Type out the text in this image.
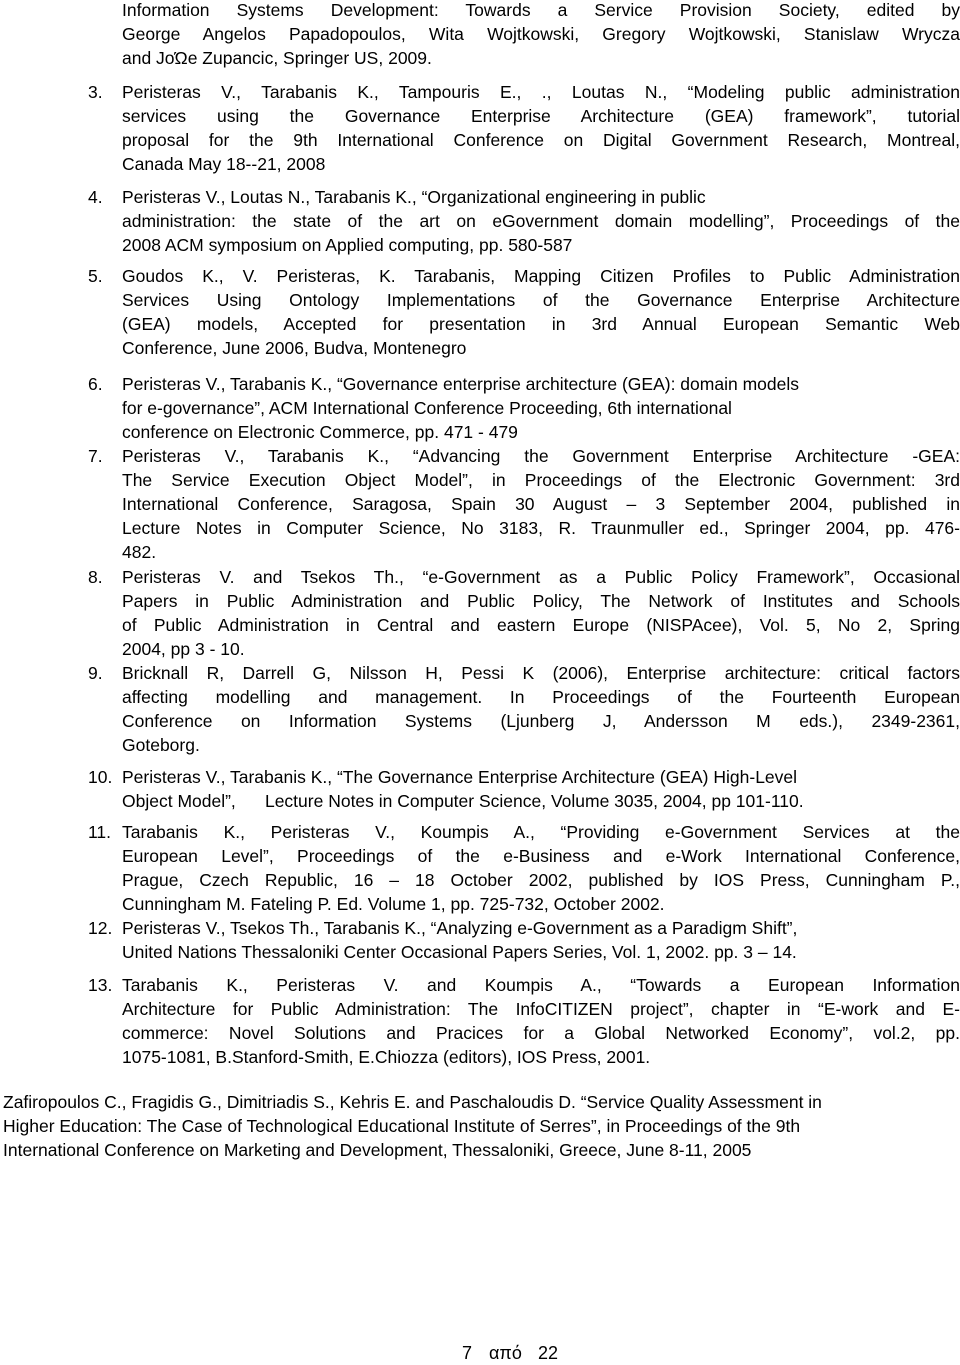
Information Systems Development: Towards a Service Provision Society, edited by
George Angelos Papadopoulos, Wita Wojtkowski, Gregory Wojtkowski, Stanislaw Wrycza
and JoΏe Zupancic, Springer US, 2009.
3. Peristeras V., Tarabanis K., Tampouris E., ., Loutas N., “Modeling public administration
services using the Governance Enterprise Architecture (GEA) framework”, tutorial
proposal for the 9th International Conference on Digital Government Research, Montreal,
Canada May 18--21, 2008
4. Peristeras V., Loutas N., Tarabanis K., “Organizational engineering in public
administration: the state of the art on eGovernment domain modelling”, Proceedings of the
2008 ACM symposium on Applied computing, pp. 580-587
5. Goudos K., V. Peristeras, K. Tarabanis, Mapping Citizen Profiles to Public Administration
Services Using Ontology Implementations of the Governance Enterprise Architecture
(GEA) models, Accepted for presentation in 3rd Annual European Semantic Web
Conference, June 2006, Budva, Montenegro
6. Peristeras V., Tarabanis K., “Governance enterprise architecture (GEA): domain models
for e-governance”, ACM International Conference Proceeding, 6th international
conference on Electronic Commerce, pp. 471 - 479
7. Peristeras V., Tarabanis K., “Advancing the Government Enterprise Architecture -GEA:
The Service Execution Object Model”, in Proceedings of the Electronic Government: 3rd
International Conference, Saragosa, Spain 30 August – 3 September 2004, published in
Lecture Notes in Computer Science, No 3183, R. Traunmuller ed., Springer 2004, pp. 476-
482.
8. Peristeras V. and Tsekos Th., “e-Government as a Public Policy Framework”, Occasional
Papers in Public Administration and Public Policy, The Network of Institutes and Schools
of Public Administration in Central and eastern Europe (NISPAcee), Vol. 5, No 2, Spring
2004, pp 3 - 10.
9. Bricknall R, Darrell G, Nilsson H, Pessi K (2006), Enterprise architecture: critical factors
affecting modelling and management. In Proceedings of the Fourteenth European
Conference on Information Systems (Ljunberg J, Andersson M eds.), 2349-2361,
Goteborg.
10. Peristeras V., Tarabanis K., “The Governance Enterprise Architecture (GEA) High-Level
Object Model”,      Lecture Notes in Computer Science, Volume 3035, 2004, pp 101-110.
11. Tarabanis K., Peristeras V., Koumpis A., “Providing e-Government Services at the
European Level”, Proceedings of the e-Business and e-Work International Conference,
Prague, Czech Republic, 16 – 18 October 2002, published by IOS Press, Cunningham P.,
Cunningham M. Fateling P. Ed. Volume 1, pp. 725-732, October 2002.
12. Peristeras V., Tsekos Th., Tarabanis K., “Analyzing e-Government as a Paradigm Shift”,
United Nations Thessaloniki Center Occasional Papers Series, Vol. 1, 2002. pp. 3 – 14.
13. Tarabanis K., Peristeras V. and Koumpis A., “Towards a European Information
Architecture for Public Administration: The InfoCITIZEN project”, chapter in “E-work and E-
commerce: Novel Solutions and Pracices for a Global Networked Economy”, vol.2, pp.
1075-1081, B.Stanford-Smith, E.Chiozza (editors), IOS Press, 2001.
Zafiropoulos C., Fragidis G., Dimitriadis S., Kehris E. and Paschaloudis D. “Service Quality Assessment in
Higher Education: The Case of Technological Educational Institute of Serres”, in Proceedings of the 9th
International Conference on Marketing and Development, Thessaloniki, Greece, June 8-11, 2005
7 από 22
